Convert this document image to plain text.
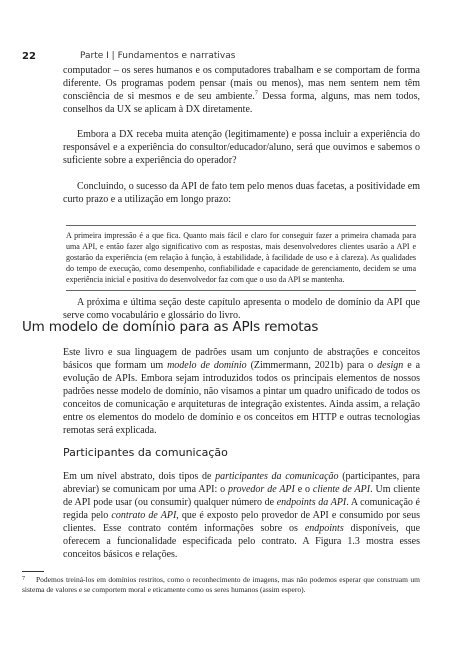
22	Parte I | Fundamentos e narrativas

computador – os seres humanos e os computadores trabalham e se comportam de forma diferente. Os programas podem pensar (mais ou menos), mas nem sentem nem têm consciência de si mesmos e de seu ambiente.$^7$ Dessa forma, alguns, mas nem todos, conselhos da UX se aplicam à DX diretamente.

Embora a DX receba muita atenção (legitimamente) e possa incluir a experiência do responsável e a experiência do consultor/educador/aluno, será que ouvimos e sabemos o suficiente sobre a experiência do operador?

Concluindo, o sucesso da API de fato tem pelo menos duas facetas, a positividade em curto prazo e a utilização em longo prazo:

A primeira impressão é a que fica. Quanto mais fácil e claro for conseguir fazer a primeira chamada para uma API, e então fazer algo significativo com as respostas, mais desenvolvedores clientes usarão a API e gostarão da experiência (em relação à função, à estabilidade, à facilidade de uso e à clareza). As qualidades do tempo de execução, como desempenho, confiabilidade e capacidade de gerenciamento, decidem se uma experiência inicial e positiva do desenvolvedor faz com que o uso da API se mantenha.

A próxima e última seção deste capítulo apresenta o modelo de domínio da API que serve como vocabulário e glossário do livro.

Um modelo de domínio para as APIs remotas

Este livro e sua linguagem de padrões usam um conjunto de abstrações e conceitos básicos que formam um modelo de domínio (Zimmermann, 2021b) para o design e a evolução de APIs. Embora sejam introduzidos todos os principais elementos de nossos padrões nesse modelo de domínio, não visamos a pintar um quadro unificado de todos os conceitos de comunicação e arquiteturas de integração existentes. Ainda assim, a relação entre os elementos do modelo de domínio e os conceitos em HTTP e outras tecnologias remotas será explicada.

Participantes da comunicação

Em um nível abstrato, dois tipos de participantes da comunicação (participantes, para abreviar) se comunicam por uma API: o provedor de API e o cliente de API. Um cliente de API pode usar (ou consumir) qualquer número de endpoints da API. A comunicação é regida pelo contrato de API, que é exposto pelo provedor de API e consumido por seus clientes. Esse contrato contém informações sobre os endpoints disponíveis, que oferecem a funcionalidade especificada pelo contrato. A Figura 1.3 mostra esses conceitos básicos e relações.

7 Podemos treiná-los em domínios restritos, como o reconhecimento de imagens, mas não podemos esperar que construam um sistema de valores e se comportem moral e eticamente como os seres humanos (assim espero).
